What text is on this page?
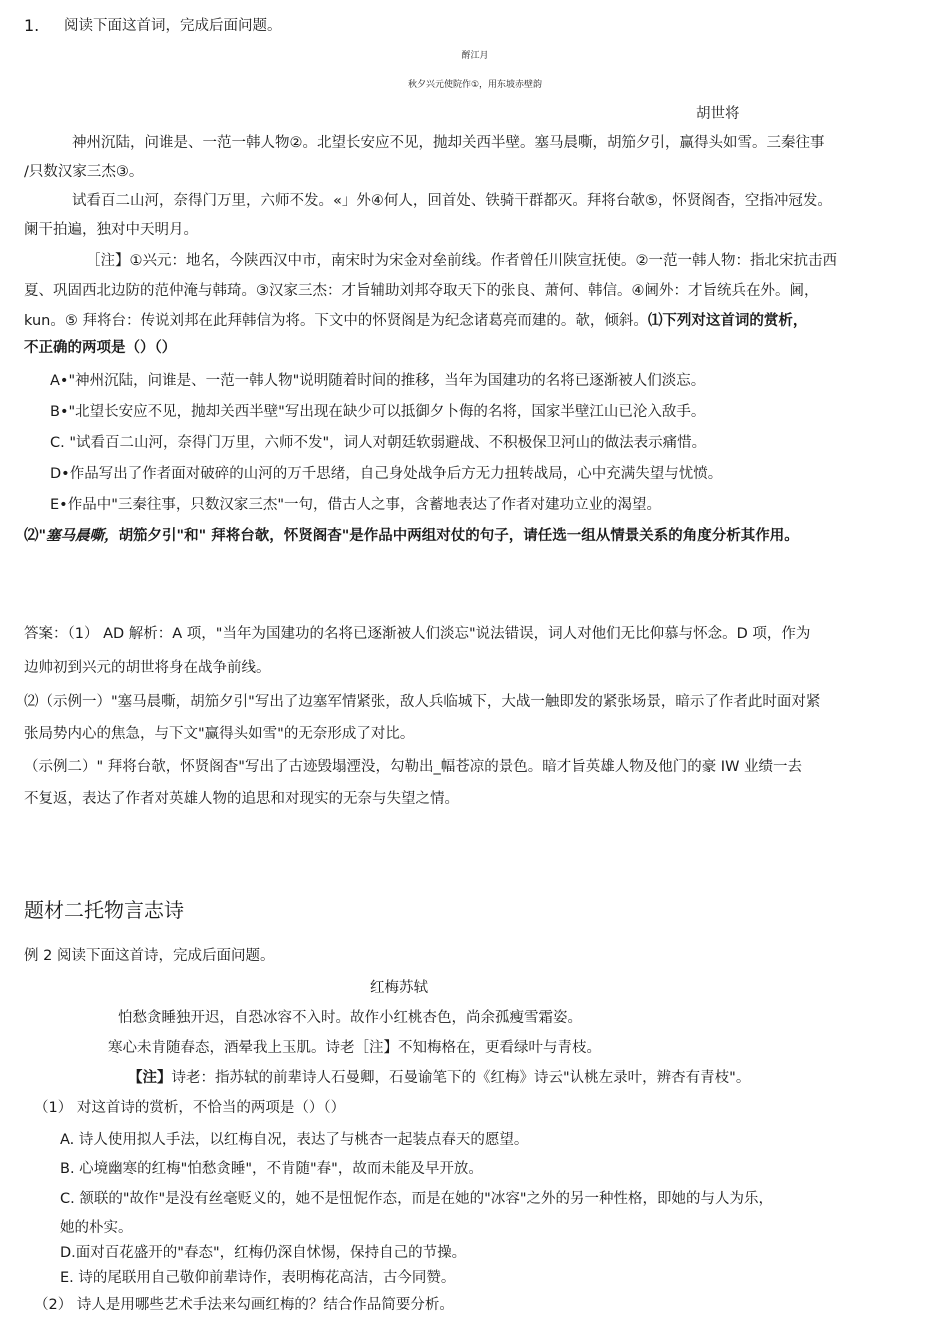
1. 阅读下面这首词，完成后面问题。
酹江月
秋夕兴元使院作①，用东坡赤壁韵
胡世将
神州沉陆，问谁是、一范一韩人物②。北望长安应不见，抛却关西半壁。塞马晨嘶，胡笳夕引，赢得头如雪。三秦往事
/只数汉家三杰③。
试看百二山河，奈得门万里，六师不发。«」外④何人，回首处、铁骑干群都灭。拜将台欹⑤，怀贤阁杳，空指冲冠发。
阑干拍遍，独对中天明月。
［注】①兴元：地名，今陕西汉中市，南宋时为宋金对垒前线。作者曾任川陕宣抚使。②一范一韩人物：指北宋抗击西
夏、巩固西北边防的范仲淹与韩琦。③汉家三杰：才旨辅助刘邦夺取天下的张良、萧何、韩信。④阃外：才旨统兵在外。阃，
kun。⑤ 拜将台：传说刘邦在此拜韩信为将。下文中的怀贤阁是为纪念诸葛亮而建的。欹，倾斜。⑴下列对这首词的赏析，
不正确的两项是（）（）
A•"神州沉陆，问谁是、一范一韩人物"说明随着时间的推移，当年为国建功的名将已逐渐被人们淡忘。
B•"北望长安应不见，抛却关西半壁"写出现在缺少可以抵御夕卜侮的名将，国家半壁江山已沦入敌手。
C. "试看百二山河，奈得门万里，六师不发"，词人对朝廷软弱避战、不积极保卫河山的做法表示痛惜。
D•作品写出了作者面对破碎的山河的万千思绪，自己身处战争后方无力扭转战局，心中充满失望与忧愤。
E•作品中"三秦往事，只数汉家三杰"一句，借古人之事，含蓄地表达了作者对建功立业的渴望。
⑵"塞马晨嘶，胡笳夕引"和" 拜将台欹，怀贤阁杳"是作品中两组对仗的句子，请任选一组从情景关系的角度分析其作用。
答案：（1） AD 解析：A 项，"当年为国建功的名将已逐渐被人们淡忘"说法错误，词人对他们无比仰慕与怀念。D 项，作为
边帅初到兴元的胡世将身在战争前线。
⑵（示例一）"塞马晨嘶，胡笳夕引"写出了边塞军情紧张，敌人兵临城下，大战一触即发的紧张场景，暗示了作者此时面对紧
张局势内心的焦急，与下文"赢得头如雪"的无奈形成了对比。
（示例二）" 拜将台欹，怀贤阁杳"写出了古迹毁塌湮没，勾勒出_幅苍凉的景色。暗才旨英雄人物及他门的豪 IW 业绩一去
不复返，表达了作者对英雄人物的追思和对现实的无奈与失望之情。
题材二托物言志诗
例 2 阅读下面这首诗，完成后面问题。
红梅苏轼
怕愁贪睡独开迟，自恐冰容不入时。故作小红桃杏色，尚余孤瘦雪霜姿。
寒心未肯随春态，酒晕我上玉肌。诗老［注】不知梅格在，更看绿叶与青枝。
【注】诗老：指苏轼的前辈诗人石曼卿，石曼谕笔下的《红梅》诗云"认桃左录叶，辨杏有青枝"。
（1） 对这首诗的赏析，不恰当的两项是（）（）
A. 诗人使用拟人手法，以红梅自况，表达了与桃杏一起装点春天的愿望。
B. 心境幽寒的红梅"怕愁贪睡"，不肯随"春"，故而未能及早开放。
C. 颔联的"故作"是没有丝毫贬义的，她不是忸怩作态，而是在她的"冰容"之外的另一种性格，即她的与人为乐，
她的朴实。
D.面对百花盛开的"春态"，红梅仍深自怵惕，保持自己的节操。
E. 诗的尾联用自己敬仰前辈诗作，表明梅花高洁，古今同赞。
（2） 诗人是用哪些艺术手法来勾画红梅的？结合作品简要分析。
